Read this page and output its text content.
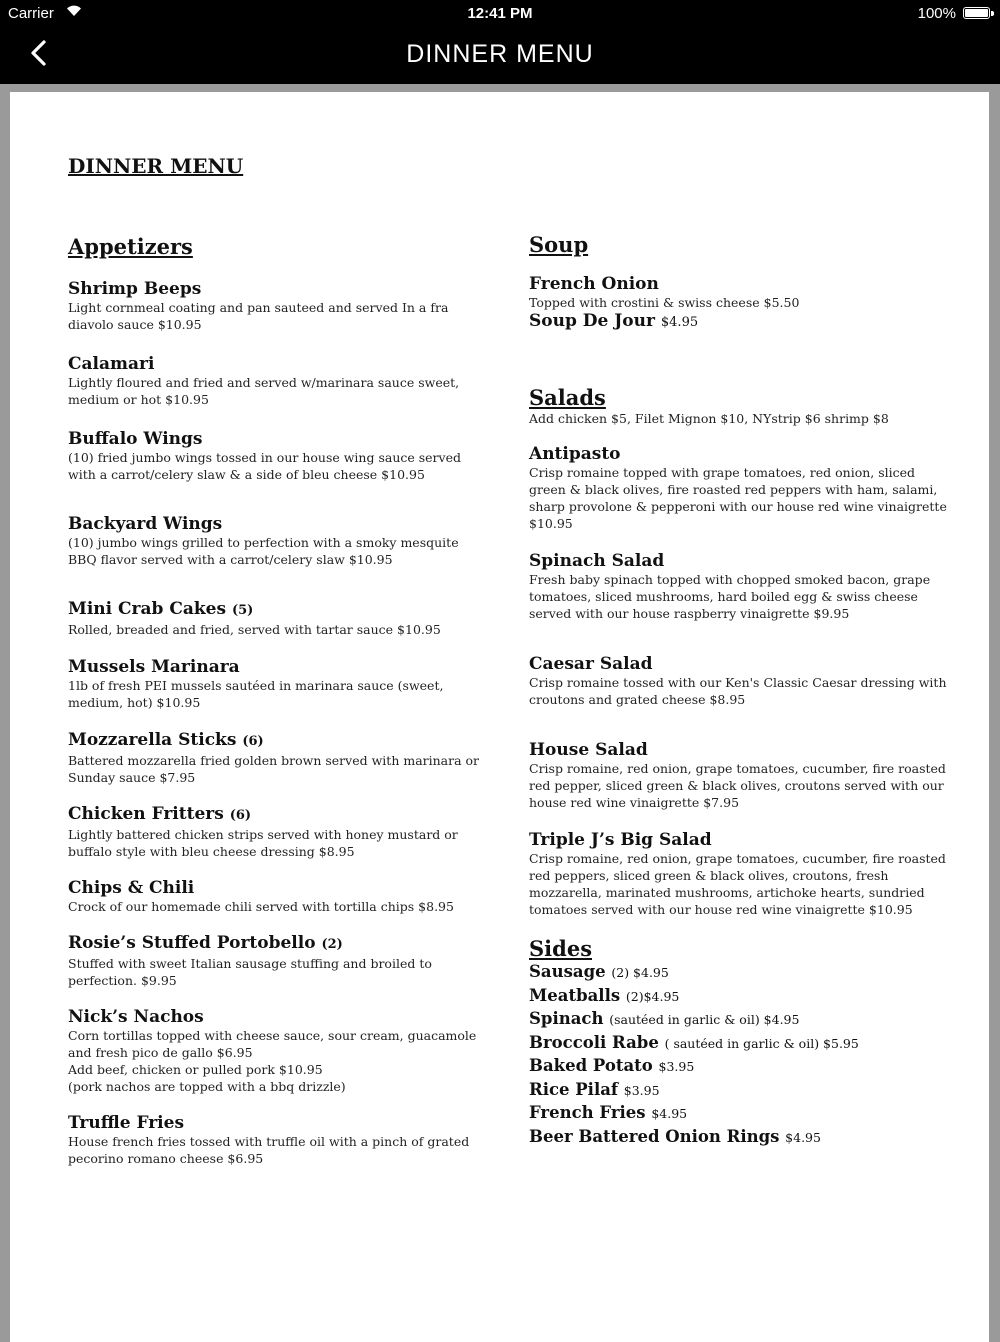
Carrier	12:41 PM	100%
DINNER MENU
DINNER MENU
Appetizers
Shrimp Beeps
Light cornmeal coating and pan sauteed and served In a fra diavolo sauce $10.95
Calamari
Lightly floured and fried and served w/marinara sauce sweet, medium or hot $10.95
Buffalo Wings
(10) fried jumbo wings tossed in our house wing sauce served with a carrot/celery slaw & a side of bleu cheese $10.95
Backyard Wings
(10) jumbo wings grilled to perfection with a smoky mesquite BBQ flavor served with a carrot/celery slaw $10.95
Mini Crab Cakes (5)
Rolled, breaded and fried, served with tartar sauce $10.95
Mussels Marinara
1lb of fresh PEI mussels sautéed in marinara sauce (sweet, medium, hot) $10.95
Mozzarella Sticks (6)
Battered mozzarella fried golden brown served with marinara or Sunday sauce $7.95
Chicken Fritters (6)
Lightly battered chicken strips served with honey mustard or buffalo style with bleu cheese dressing $8.95
Chips & Chili
Crock of our homemade chili served with tortilla chips $8.95
Rosie’s Stuffed Portobello (2)
Stuffed with sweet Italian sausage stuffing and broiled to perfection. $9.95
Nick’s Nachos
Corn tortillas topped with cheese sauce, sour cream, guacamole and fresh pico de gallo $6.95
Add beef, chicken or pulled pork $10.95
(pork nachos are topped with a bbq drizzle)
Truffle Fries
House french fries tossed with truffle oil with a pinch of grated pecorino romano cheese $6.95
Soup
French Onion
Topped with crostini & swiss cheese $5.50
Soup De Jour $4.95
Salads
Add chicken $5, Filet Mignon $10, NYstrip $6 shrimp $8
Antipasto
Crisp romaine topped with grape tomatoes, red onion, sliced green & black olives, fire roasted red peppers with ham, salami, sharp provolone & pepperoni with our house red wine vinaigrette $10.95
Spinach Salad
Fresh baby spinach topped with chopped smoked bacon, grape tomatoes, sliced mushrooms, hard boiled egg & swiss cheese served with our house raspberry vinaigrette $9.95
Caesar Salad
Crisp romaine tossed with our Ken's Classic Caesar dressing with croutons and grated cheese $8.95
House Salad
Crisp romaine, red onion, grape tomatoes, cucumber, fire roasted red pepper, sliced green & black olives, croutons served with our house red wine vinaigrette $7.95
Triple J’s Big Salad
Crisp romaine, red onion, grape tomatoes, cucumber, fire roasted red peppers, sliced green & black olives, croutons, fresh mozzarella, marinated mushrooms, artichoke hearts, sundried tomatoes served with our house red wine vinaigrette $10.95
Sides
Sausage (2) $4.95
Meatballs (2)$4.95
Spinach (sautéed in garlic & oil) $4.95
Broccoli Rabe ( sautéed in garlic & oil) $5.95
Baked Potato $3.95
Rice Pilaf $3.95
French Fries $4.95
Beer Battered Onion Rings $4.95
